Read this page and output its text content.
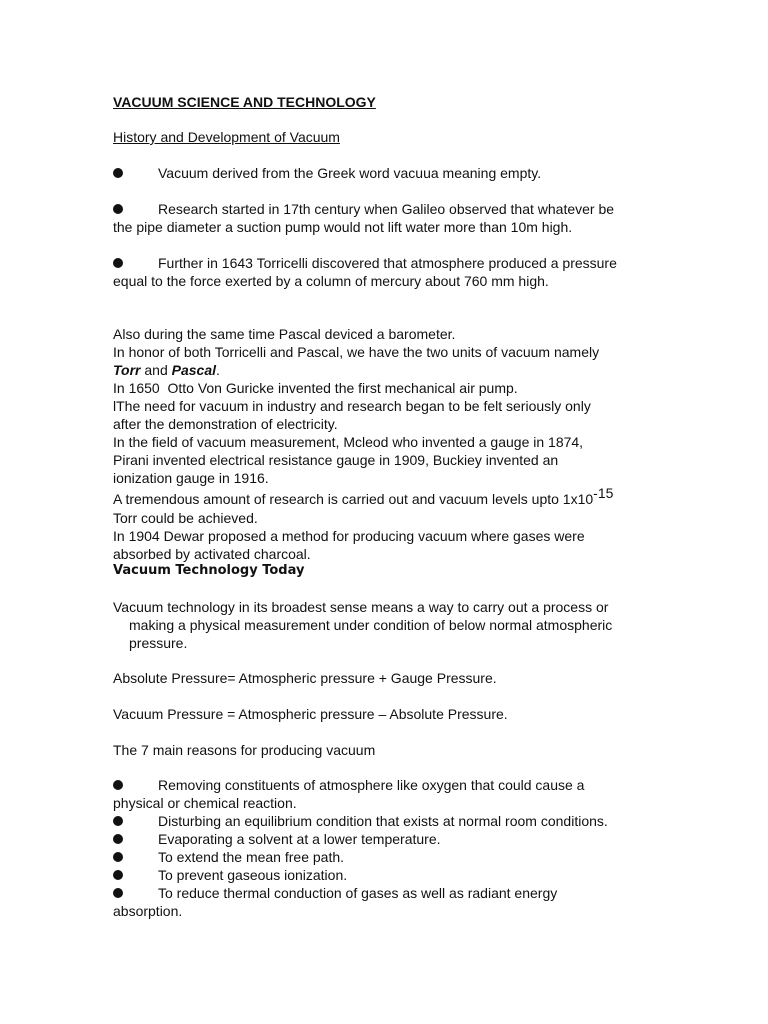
VACUUM SCIENCE AND TECHNOLOGY
History and Development of Vacuum
Vacuum derived from the Greek word vacuua meaning empty.
Research started in 17th century when Galileo observed that whatever be
the pipe diameter a suction pump would not lift water more than 10m high.
Further in 1643 Torricelli discovered that atmosphere produced a pressure
equal to the force exerted by a column of mercury about 760 mm high.
Also during the same time Pascal deviced a barometer.
In honor of both Torricelli and Pascal, we have the two units of vacuum namely
Torr and Pascal.
In 1650  Otto Von Guricke invented the first mechanical air pump.
lThe need for vacuum in industry and research began to be felt seriously only
after the demonstration of electricity.
In the field of vacuum measurement, Mcleod who invented a gauge in 1874,
Pirani invented electrical resistance gauge in 1909, Buckiey invented an
ionization gauge in 1916.
A tremendous amount of research is carried out and vacuum levels upto $1x10^{-15}$
Torr could be achieved.
In 1904 Dewar proposed a method for producing vacuum where gases were
absorbed by activated charcoal.
Vacuum Technology Today
Vacuum technology in its broadest sense means a way to carry out a process or
making a physical measurement under condition of below normal atmospheric
pressure.
Absolute Pressure= Atmospheric pressure + Gauge Pressure.
Vacuum Pressure = Atmospheric pressure – Absolute Pressure.
The 7 main reasons for producing vacuum
Removing constituents of atmosphere like oxygen that could cause a
physical or chemical reaction.
Disturbing an equilibrium condition that exists at normal room conditions.
Evaporating a solvent at a lower temperature.
To extend the mean free path.
To prevent gaseous ionization.
To reduce thermal conduction of gases as well as radiant energy
absorption.
